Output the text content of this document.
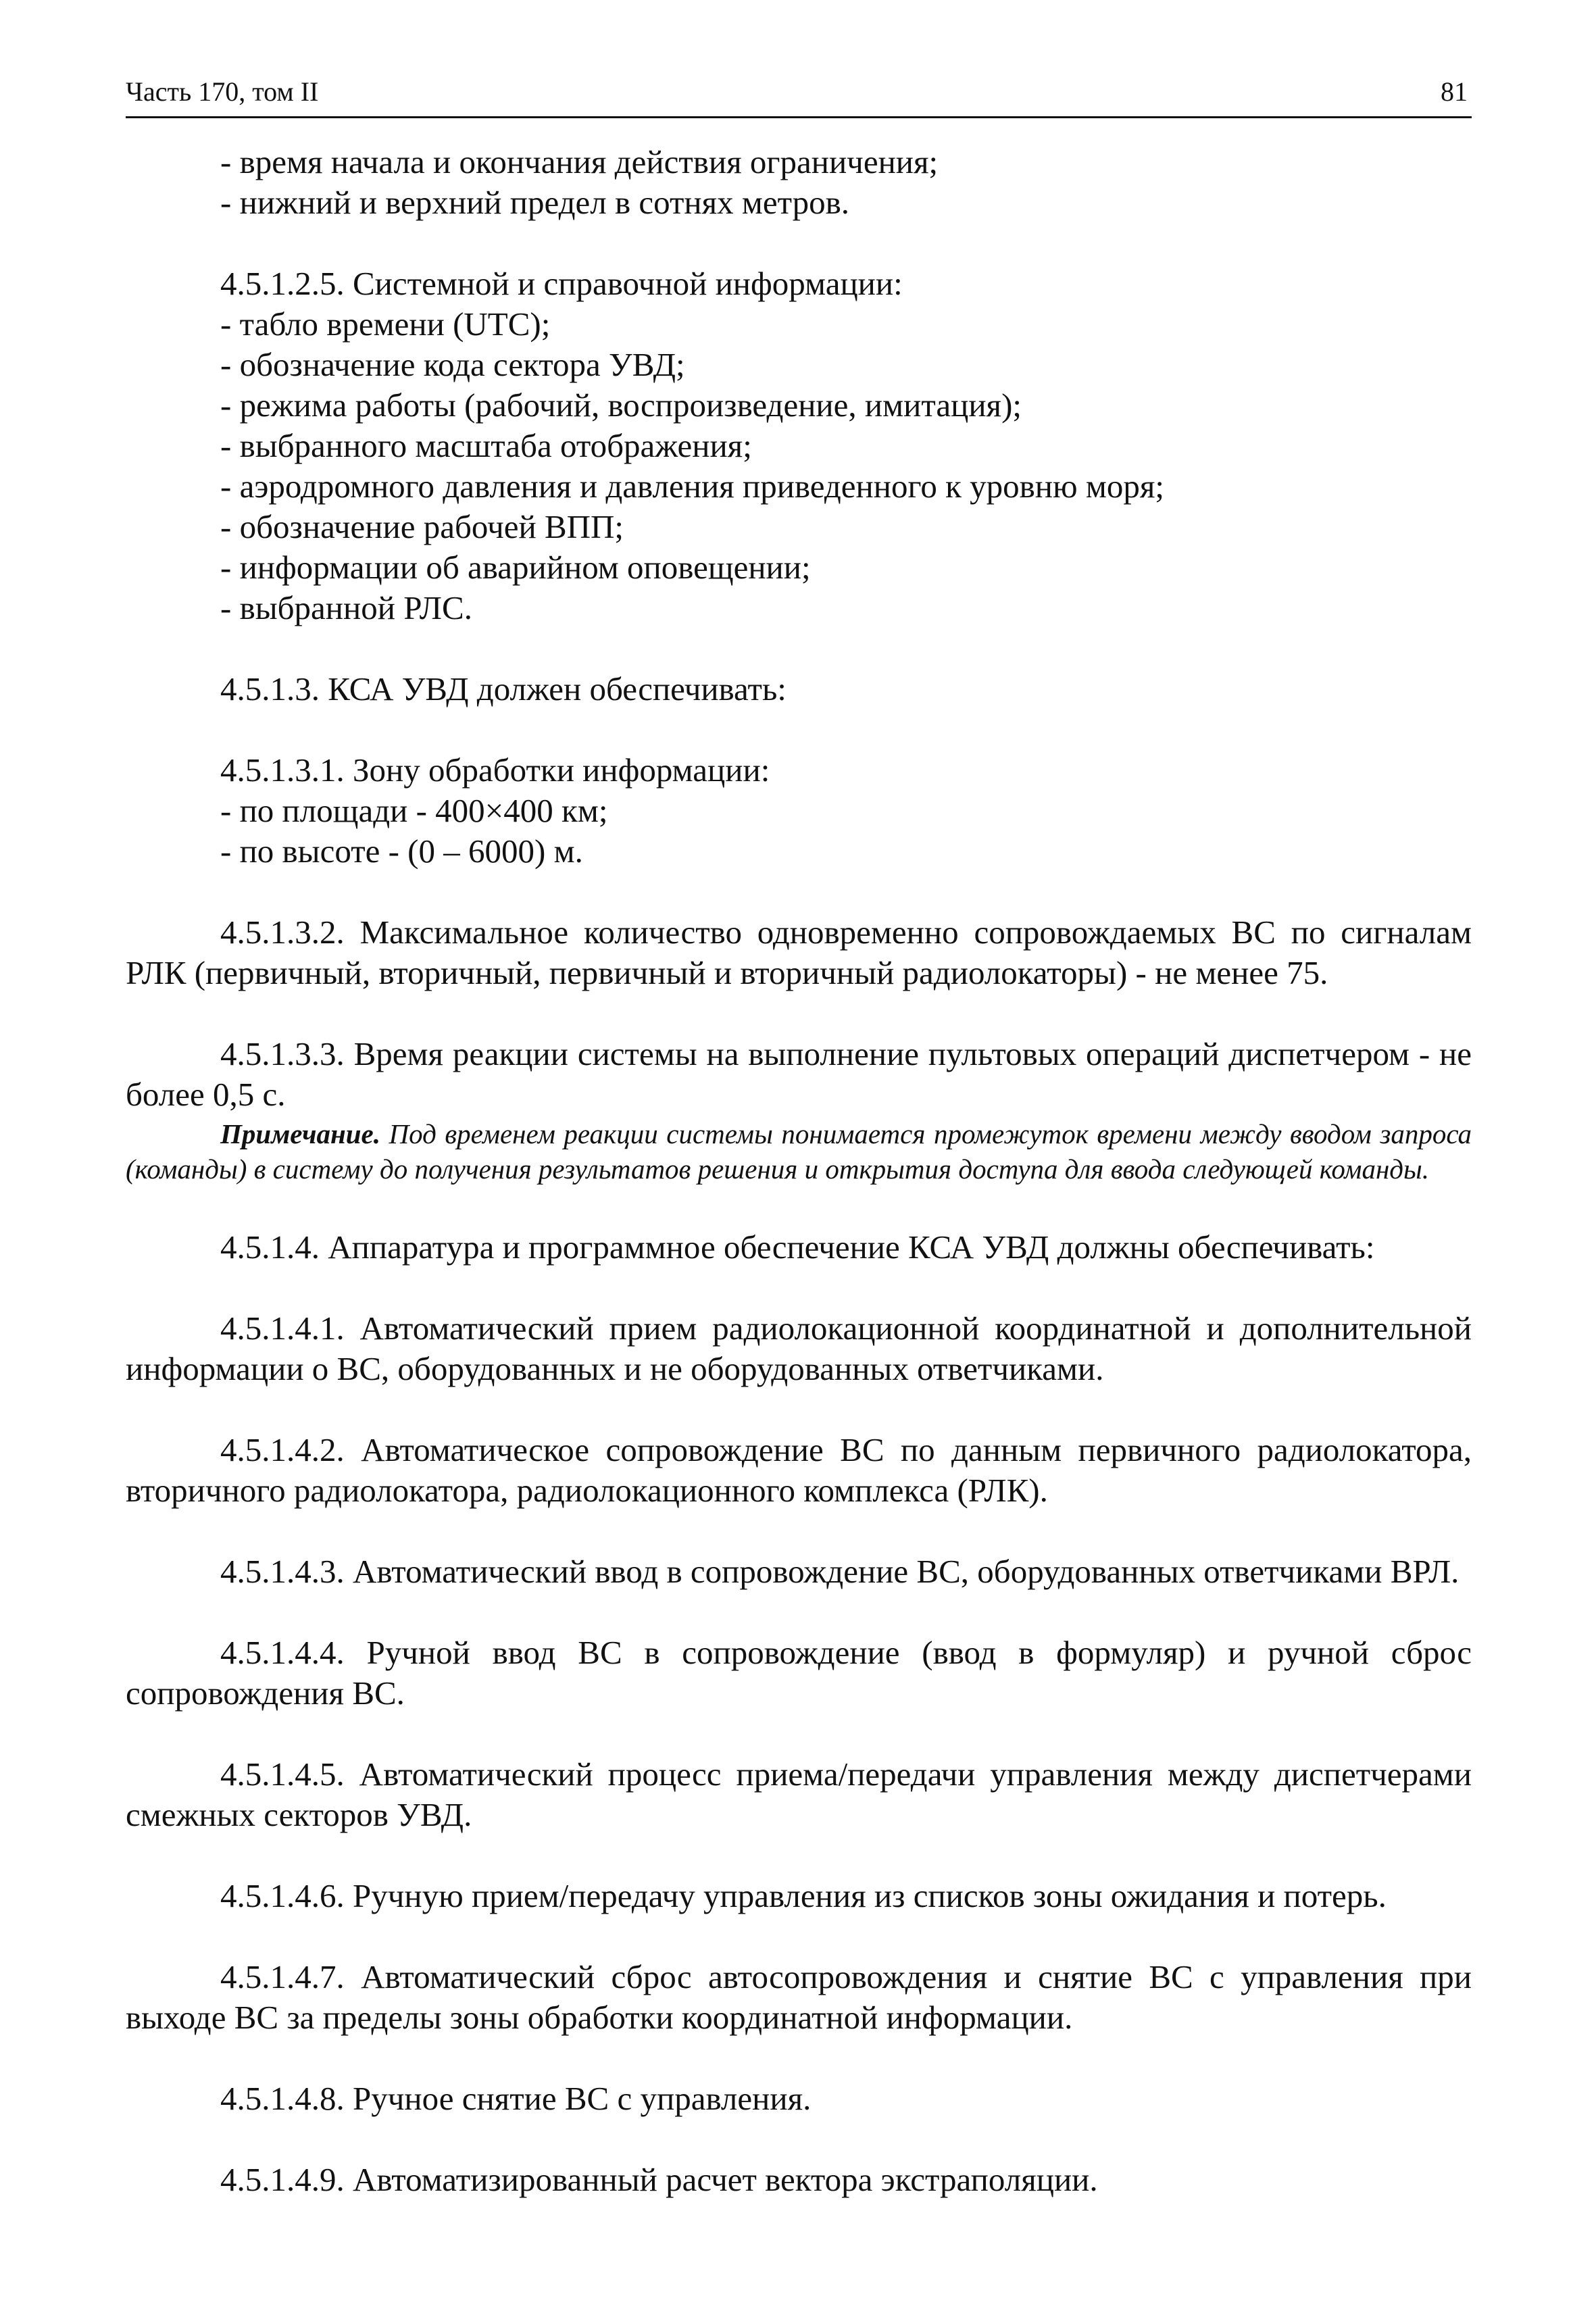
Часть 170, том II	81
- время начала и окончания действия ограничения;
- нижний и верхний предел в сотнях метров.
4.5.1.2.5. Системной и справочной информации:
- табло времени (UTC);
- обозначение кода сектора УВД;
- режима работы (рабочий, воспроизведение, имитация);
- выбранного масштаба отображения;
- аэродромного давления и давления приведенного к уровню моря;
- обозначение рабочей ВПП;
- информации об аварийном оповещении;
- выбранной РЛС.
4.5.1.3. КСА УВД должен обеспечивать:
4.5.1.3.1. Зону обработки информации:
- по площади - 400×400 км;
- по высоте - (0 – 6000) м.
4.5.1.3.2. Максимальное количество одновременно сопровождаемых ВС по сигналам РЛК (первичный, вторичный, первичный и вторичный радиолокаторы) - не менее 75.
4.5.1.3.3. Время реакции системы на выполнение пультовых операций диспетчером - не более 0,5 с.
Примечание. Под временем реакции системы понимается промежуток времени между вводом запроса (команды) в систему до получения результатов решения и открытия доступа для ввода следующей команды.
4.5.1.4. Аппаратура и программное обеспечение КСА УВД должны обеспечивать:
4.5.1.4.1. Автоматический прием радиолокационной координатной и дополнительной информации о ВС, оборудованных и не оборудованных ответчиками.
4.5.1.4.2. Автоматическое сопровождение ВС по данным первичного радиолокатора, вторичного радиолокатора, радиолокационного комплекса (РЛК).
4.5.1.4.3. Автоматический ввод в сопровождение ВС, оборудованных ответчиками ВРЛ.
4.5.1.4.4. Ручной ввод ВС в сопровождение (ввод в формуляр) и ручной сброс сопровождения ВС.
4.5.1.4.5. Автоматический процесс приема/передачи управления между диспетчерами смежных секторов УВД.
4.5.1.4.6. Ручную прием/передачу управления из списков зоны ожидания и потерь.
4.5.1.4.7. Автоматический сброс автосопровождения и снятие ВС с управления при выходе ВС за пределы зоны обработки координатной информации.
4.5.1.4.8. Ручное снятие ВС с управления.
4.5.1.4.9. Автоматизированный расчет вектора экстраполяции.
